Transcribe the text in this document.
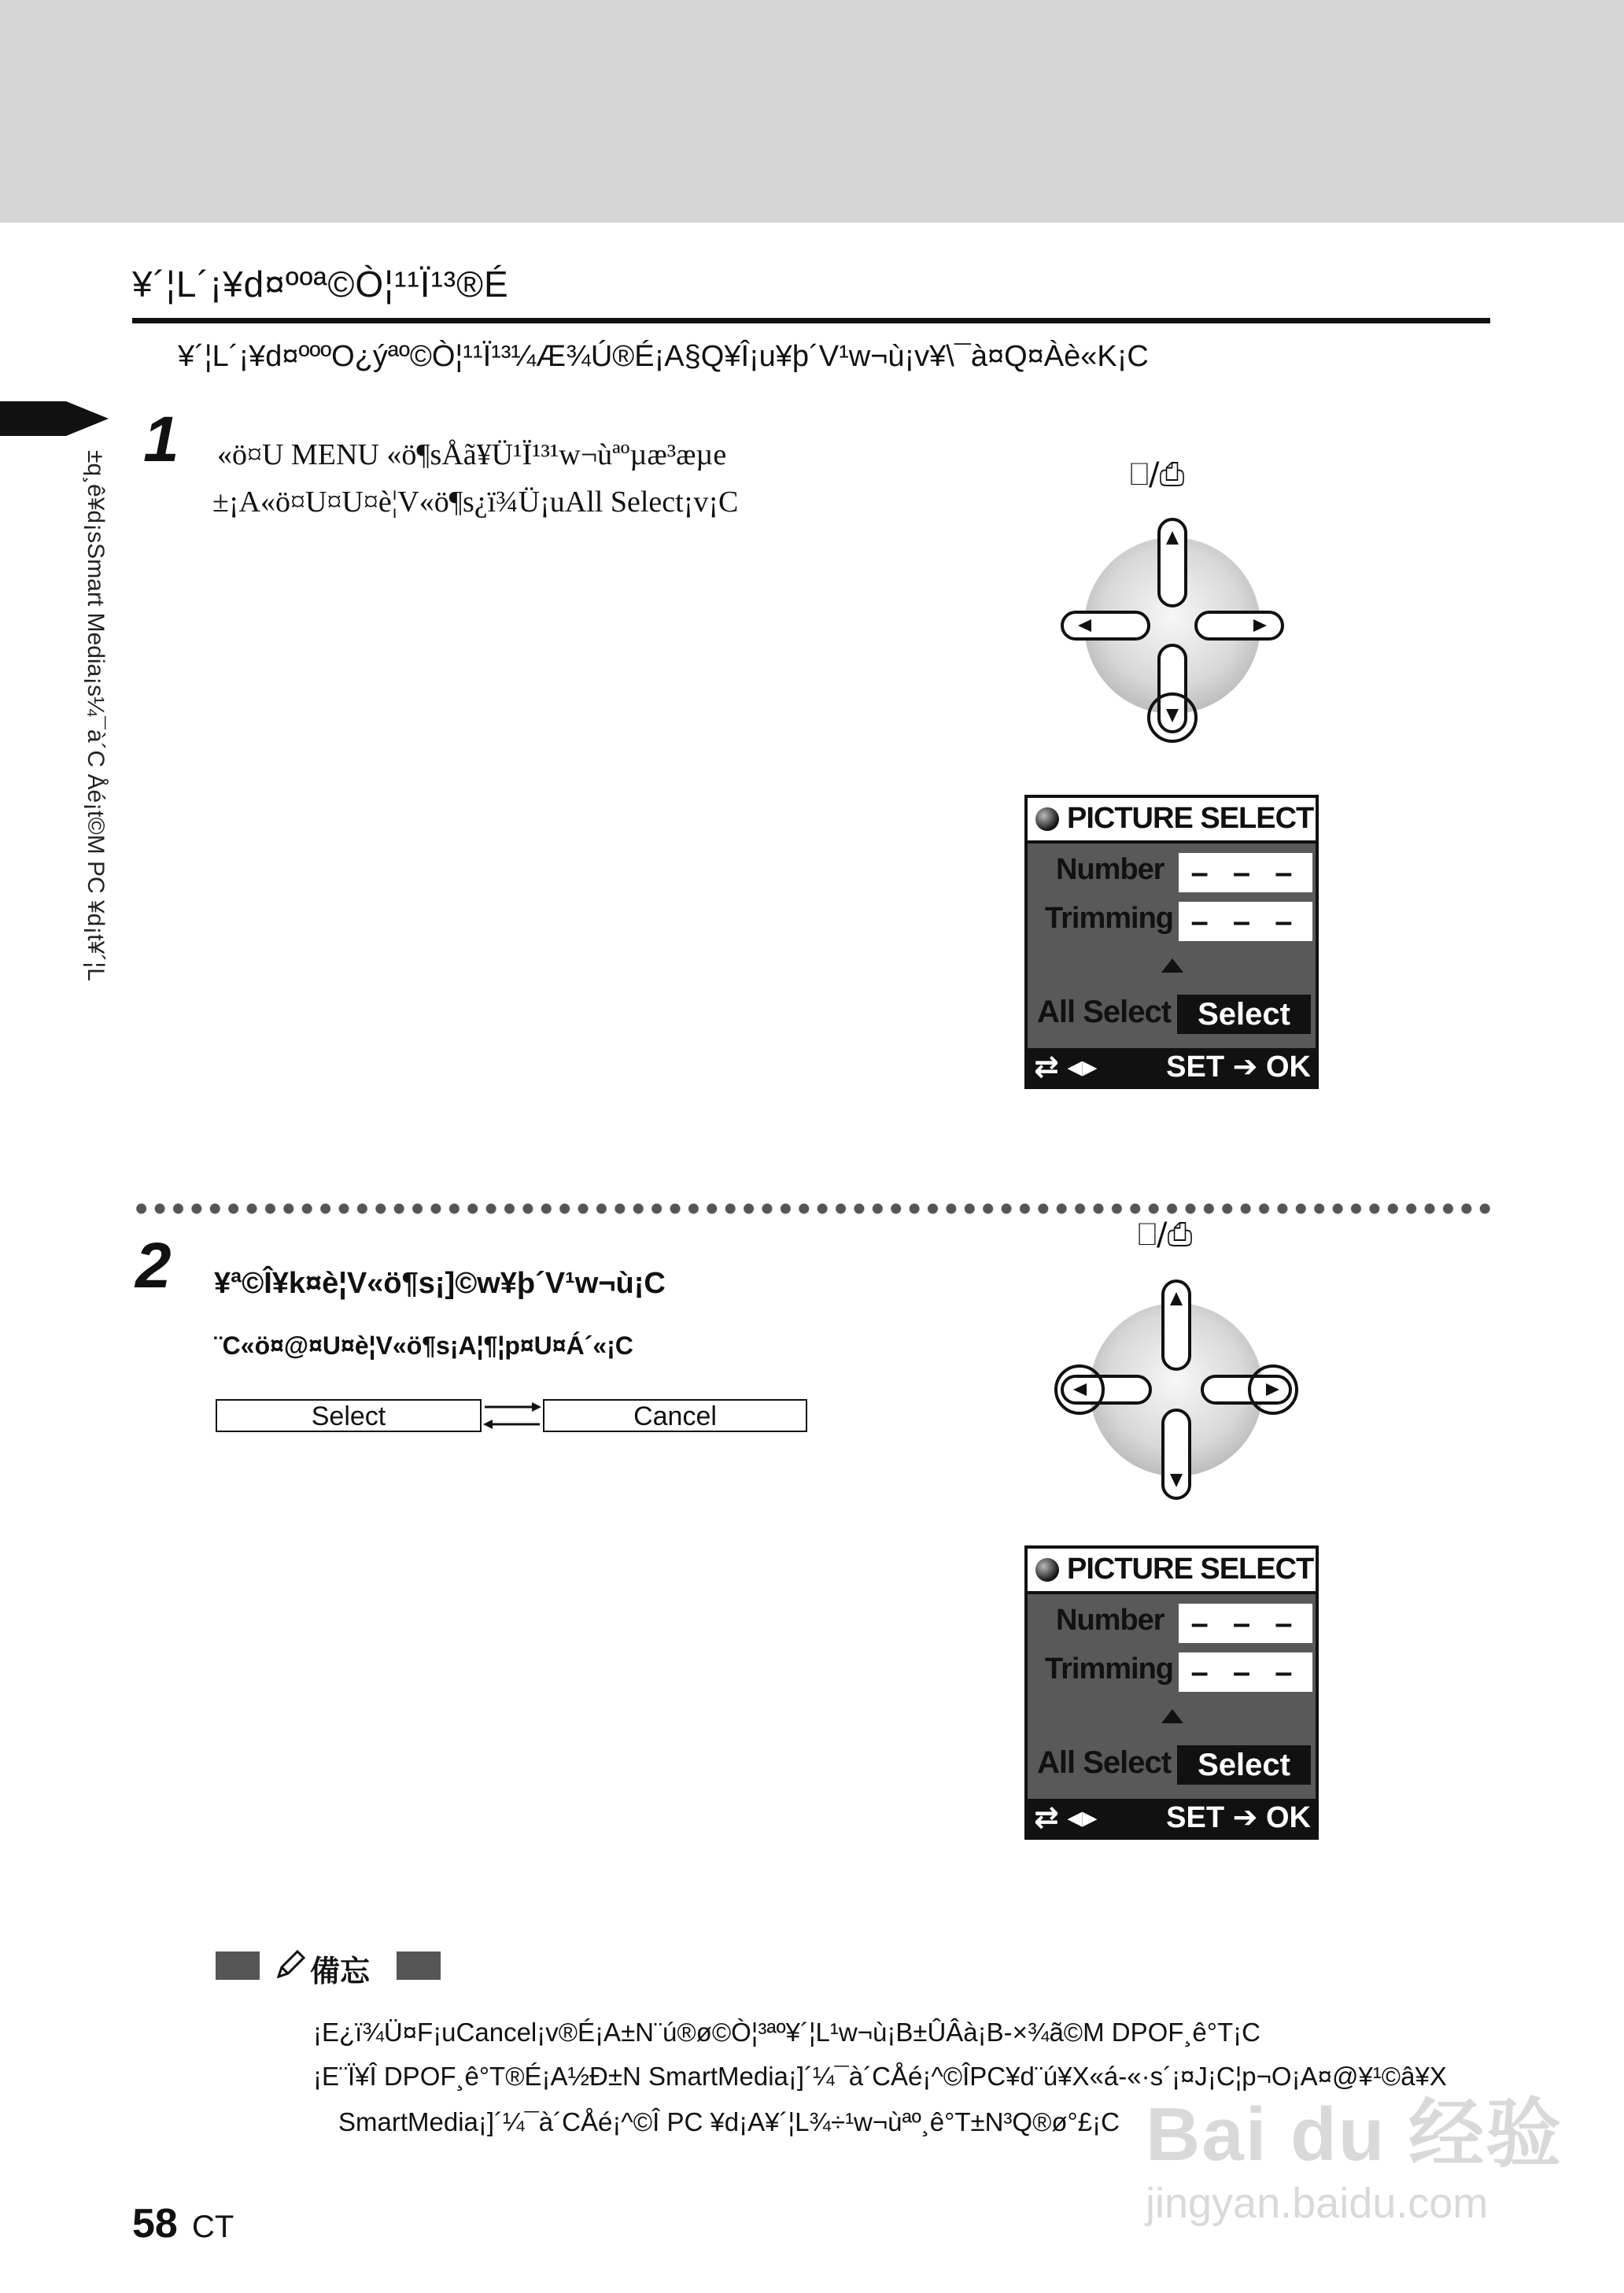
¥´¦L´¡¥d¤ººª©Ò¦¹¹Ï¹³®É
¥´¦L´¡¥d¤ºººO¿ýªº©Ò¦¹¹Ï¹³¼Æ¾Ú®É¡A§Q¥Î¡u¥þ´V¹w¬ù¡v¥\¯à¤Q¤Àè«K¡C
±q¸ê¥d¡sSmart Media¡s¼¯à´C Åé¡t©M PC ¥d¡t¥´¦L
1 «ö¤U MENU «ö¶sÅã¥Ü¹Ï¹³¹w¬ùªºµæ³æµe
±¡A«ö¤U¤U¤è¦V«ö¶s¿ï¾Ü¡uAll Select¡v¡C
⎕/⎙
PICTURE SELECT
Number – – –
Trimming – – –
All Select Select
⇄ ◂▸ SET ➔ OK
2 ¥ª©Î¥k¤è¦V«ö¶s¡]©w¥þ´V¹w¬ù¡C
¨C«ö¤@¤U¤è¦V«ö¶s¡A¦¶¦p¤U¤Á´«¡C
Select	Cancel
⎕/⎙
PICTURE SELECT
Number – – –
Trimming – – –
All Select Select
⇄ ◂▸ SET ➔ OK
備忘
¡E¿ï¾Ü¤F¡uCancel¡v®É¡A±N¨ú®ø©Ò¦³ªº¥´¦L¹w¬ù¡B±ÛÂà¡B-×¾ã©M DPOF¸ê°T¡C
¡E¨Ï¥Î DPOF¸ê°T®É¡A½Ð±N SmartMedia¡]´¼¯à´CÅé¡^©ÎPC¥d¨ú¥X«á-«·s´¡¤J¡C¦p¬O¡A¤@¥¹©â¥X
SmartMedia¡]´¼¯à´CÅé¡^©Î PC ¥d¡A¥´¦L¾÷¹w¬ùªº¸ê°T±N³Q®ø°£¡C
58 CT
Bai du 经验
jingyan.baidu.com
